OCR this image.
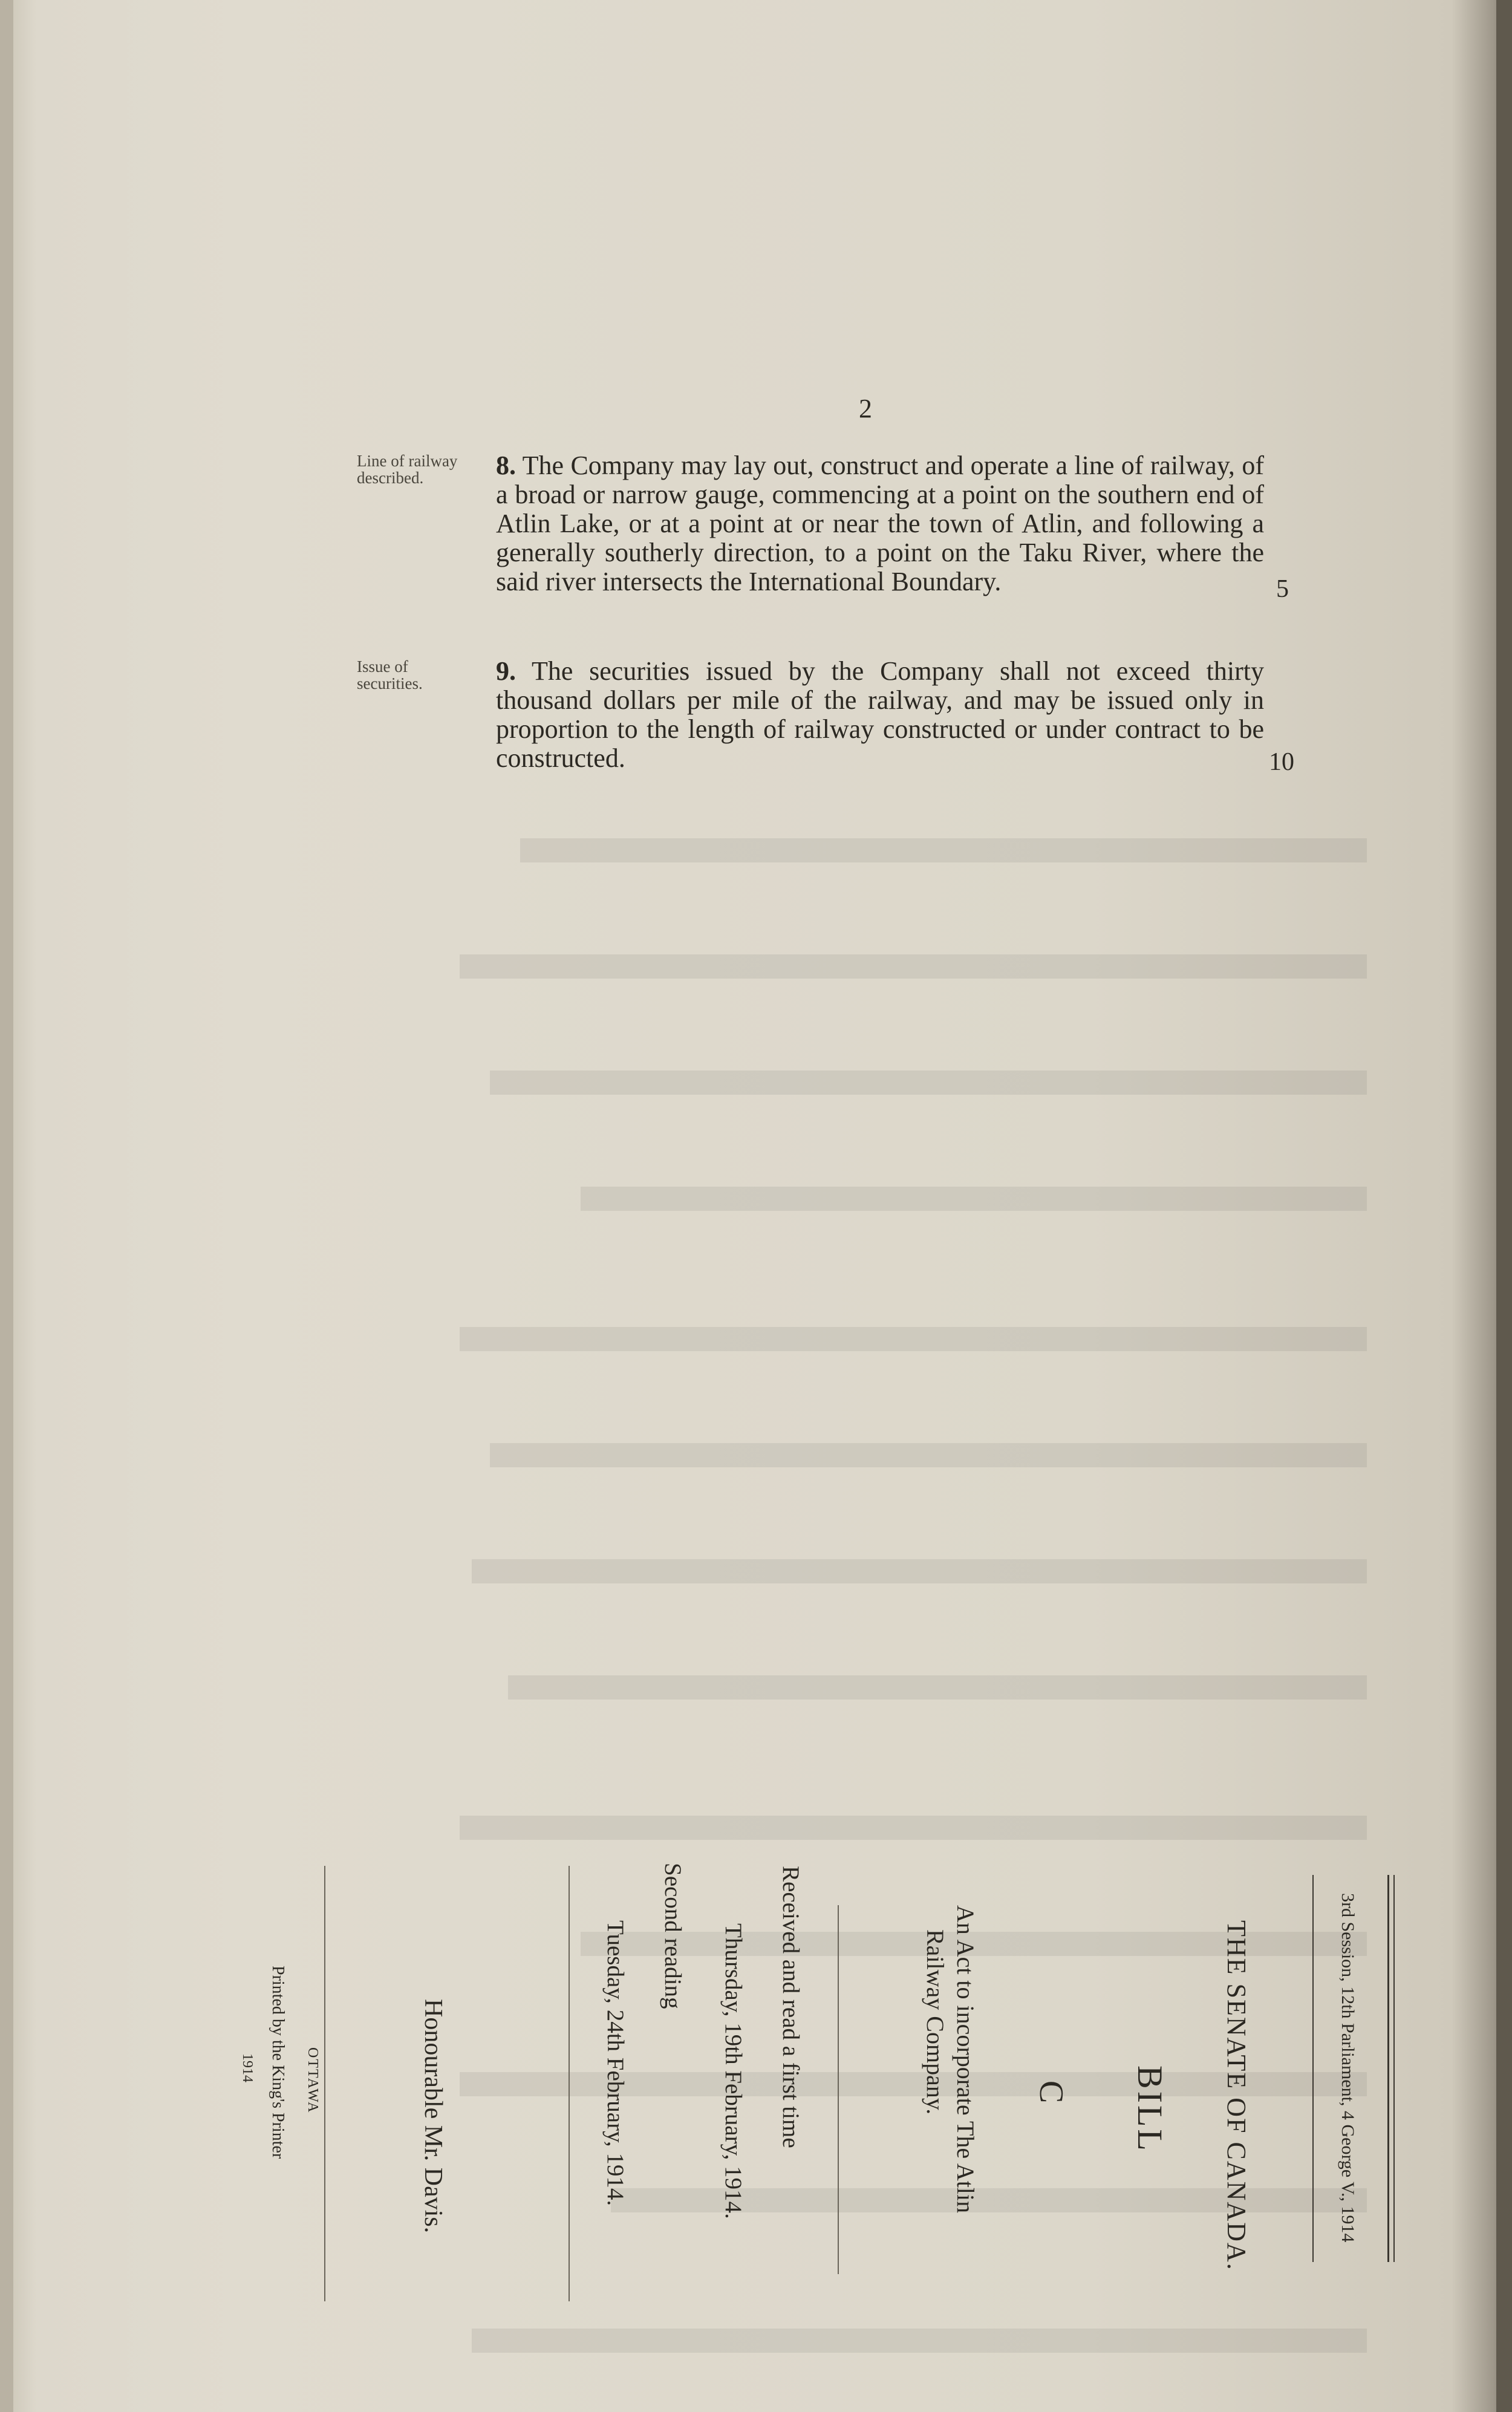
2
Line of railway described.	8. The Company may lay out, construct and operate a line of railway, of a broad or narrow gauge, commencing at a point on the southern end of Atlin Lake, or at a point at or near the town of Atlin, and following a generally southerly direction, to a point on the Taku River, where the said river intersects the International Boundary.	5
Issue of securities.	9. The securities issued by the Company shall not exceed thirty thousand dollars per mile of the railway, and may be issued only in proportion to the length of railway constructed or under contract to be constructed.	10

3rd Session, 12th Parliament, 4 George V., 1914
THE SENATE OF CANADA.
BILL
C
An Act to incorporate The Atlin
Railway Company.
Received and read a first time
Thursday, 19th February, 1914.
Second reading
Tuesday, 24th February, 1914.
Honourable Mr. Davis.
OTTAWA
Printed by the King's Printer
1914
